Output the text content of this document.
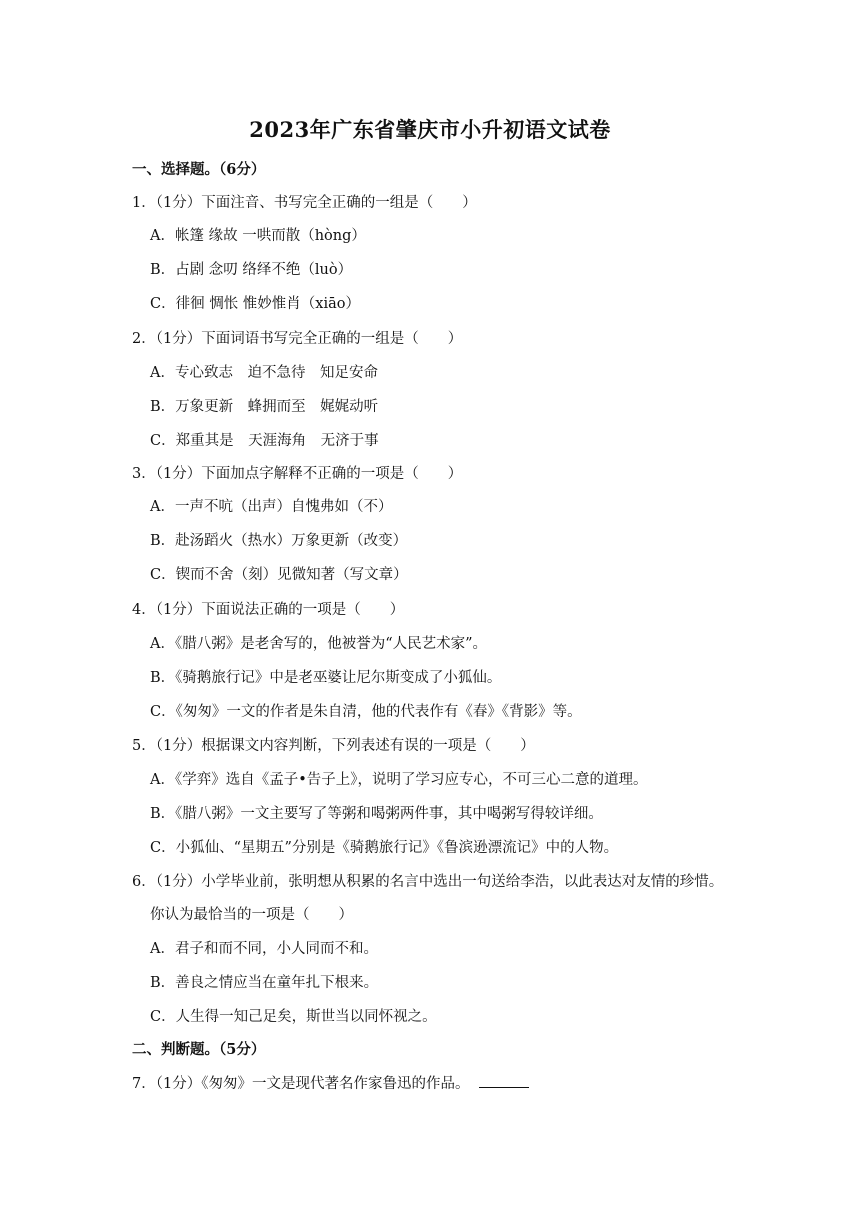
2023年广东省肇庆市小升初语文试卷
一、选择题。（6分）
1．（1分）下面注音、书写完全正确的一组是（　　）
A．帐篷 缘故 一哄而散（hòng）
B．占剧 念叨 络绎不绝（luò）
C．徘徊 惆怅 惟妙惟肖（xiāo）
2．（1分）下面词语书写完全正确的一组是（　　）
A．专心致志　迫不急待　知足安命
B．万象更新　蜂拥而至　娓娓动听
C．郑重其是　天涯海角　无济于事
3．（1分）下面加点字解释不正确的一项是（　　）
A．一声不吭（出声）自愧弗如（不）
B．赴汤蹈火（热水）万象更新（改变）
C．锲而不舍（刻）见微知著（写文章）
4．（1分）下面说法正确的一项是（　　）
A．《腊八粥》是老舍写的，他被誉为“人民艺术家”。
B．《骑鹅旅行记》中是老巫婆让尼尔斯变成了小狐仙。
C．《匆匆》一文的作者是朱自清，他的代表作有《春》《背影》等。
5．（1分）根据课文内容判断，下列表述有误的一项是（　　）
A．《学弈》选自《孟子•告子上》，说明了学习应专心，不可三心二意的道理。
B．《腊八粥》一文主要写了等粥和喝粥两件事，其中喝粥写得较详细。
C．小狐仙、“星期五”分别是《骑鹅旅行记》《鲁滨逊漂流记》中的人物。
6．（1分）小学毕业前，张明想从积累的名言中选出一句送给李浩，以此表达对友情的珍惜。
你认为最恰当的一项是（　　）
A．君子和而不同，小人同而不和。
B．善良之情应当在童年扎下根来。
C．人生得一知己足矣，斯世当以同怀视之。
二、判断题。（5分）
7．（1分）《匆匆》一文是现代著名作家鲁迅的作品。
